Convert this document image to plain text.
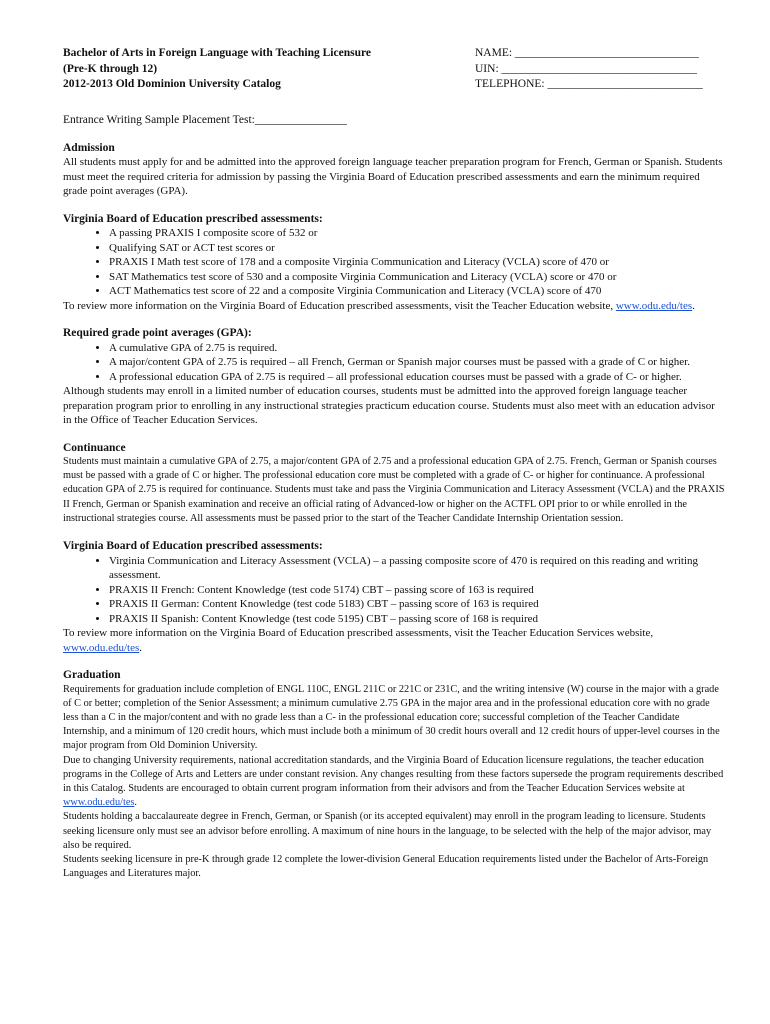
Bachelor of Arts in Foreign Language with Teaching Licensure
(Pre-K through 12)
2012-2013 Old Dominion University Catalog
NAME: ________________________________
UIN: __________________________________
TELEPHONE: ___________________________
Entrance Writing Sample Placement Test:________________
Admission

All students must apply for and be admitted into the approved foreign language teacher preparation program for French, German or Spanish. Students must meet the required criteria for admission by passing the Virginia Board of Education prescribed assessments and earn the minimum required grade point averages (GPA).

Virginia Board of Education prescribed assessments:
• A passing PRAXIS I composite score of 532 or
• Qualifying SAT or ACT test scores or
• PRAXIS I Math test score of 178 and a composite Virginia Communication and Literacy (VCLA) score of 470 or
• SAT Mathematics test score of 530 and a composite Virginia Communication and Literacy (VCLA) score or 470 or
• ACT Mathematics test score of 22 and a composite Virginia Communication and Literacy (VCLA) score of 470

To review more information on the Virginia Board of Education prescribed assessments, visit the Teacher Education website, www.odu.edu/tes.

Required grade point averages (GPA):
• A cumulative GPA of 2.75 is required.
• A major/content GPA of 2.75 is required – all French, German or Spanish major courses must be passed with a grade of C or higher.
• A professional education GPA of 2.75 is required – all professional education courses must be passed with a grade of C- or higher.

Although students may enroll in a limited number of education courses, students must be admitted into the approved foreign language teacher preparation program prior to enrolling in any instructional strategies practicum education course. Students must also meet with an education advisor in the Office of Teacher Education Services.

Continuance

Students must maintain a cumulative GPA of 2.75, a major/content GPA of 2.75 and a professional education GPA of 2.75. French, German or Spanish courses must be passed with a grade of C or higher. The professional education core must be completed with a grade of C- or higher for continuance. A professional education GPA of 2.75 is required for continuance. Students must take and pass the Virginia Communication and Literacy Assessment (VCLA) and the PRAXIS II French, German or Spanish examination and receive an official rating of Advanced-low or higher on the ACTFL OPI prior to or while enrolled in the instructional strategies course. All assessments must be passed prior to the start of the Teacher Candidate Internship Orientation session.

Virginia Board of Education prescribed assessments:
• Virginia Communication and Literacy Assessment (VCLA) – a passing composite score of 470 is required on this reading and writing assessment.
• PRAXIS II French: Content Knowledge (test code 5174) CBT – passing score of 163 is required
• PRAXIS II German: Content Knowledge (test code 5183) CBT – passing score of 163 is required
• PRAXIS II Spanish: Content Knowledge (test code 5195) CBT – passing score of 168 is required

To review more information on the Virginia Board of Education prescribed assessments, visit the Teacher Education Services website, www.odu.edu/tes.

Graduation

Requirements for graduation include completion of ENGL 110C, ENGL 211C or 221C or 231C, and the writing intensive (W) course in the major with a grade of C or better; completion of the Senior Assessment; a minimum cumulative 2.75 GPA in the major area and in the professional education core with no grade less than a C in the major/content and with no grade less than a C- in the professional education core; successful completion of the Teacher Candidate Internship, and a minimum of 120 credit hours, which must include both a minimum of 30 credit hours overall and 12 credit hours of upper-level courses in the major program from Old Dominion University.

Due to changing University requirements, national accreditation standards, and the Virginia Board of Education licensure regulations, the teacher education programs in the College of Arts and Letters are under constant revision. Any changes resulting from these factors supersede the program requirements described in this Catalog. Students are encouraged to obtain current program information from their advisors and from the Teacher Education Services website at www.odu.edu/tes.

Students holding a baccalaureate degree in French, German, or Spanish (or its accepted equivalent) may enroll in the program leading to licensure. Students seeking licensure only must see an advisor before enrolling. A maximum of nine hours in the language, to be selected with the help of the major advisor, may also be required.

Students seeking licensure in pre-K through grade 12 complete the lower-division General Education requirements listed under the Bachelor of Arts-Foreign Languages and Literatures major.
